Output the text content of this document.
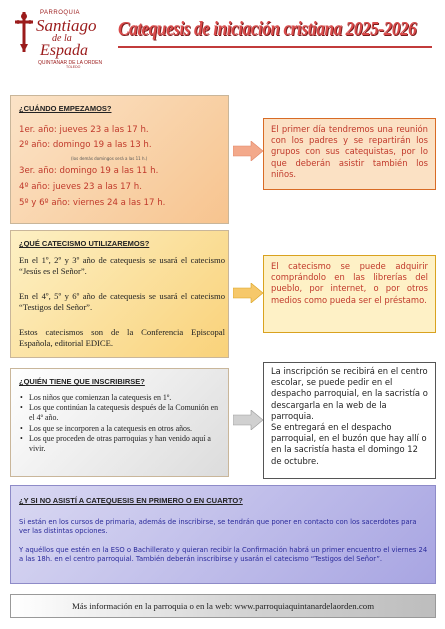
PARROQUIA
Santiago
de la
Espada
QUINTANAR DE LA ORDEN
TOLEDO
Catequesis de iniciación cristiana 2025-2026
¿CUÁNDO EMPEZAMOS?
1er. año: jueves 23 a las 17 h.
2º año: domingo 19 a las 13 h.
(los demás domingos será a las 11 h.)
3er. año: domingo 19 a las 11 h.
4º año: jueves 23 a las 17 h.
5º y 6º año: viernes 24 a las 17 h.
El primer día tendremos una reunión con los padres y se repartirán los grupos con sus catequistas, por lo que deberán asistir también los niños.
¿QUÉ CATECISMO UTILIZAREMOS?
En el 1º, 2º y 3º año de catequesis se usará el catecismo “Jesús es el Señor”.
En el 4º, 5º y 6º año de catequesis se usará el catecismo “Testigos del Señor”.
Estos catecismos son de la Conferencia Episcopal Española, editorial EDICE.
El catecismo se puede adquirir comprándolo en las librerías del pueblo, por internet, o por otros medios como pueda ser el préstamo.
¿QUIÉN TIENE QUE INSCRIBIRSE?
• Los niños que comienzan la catequesis en 1º.
• Los que continúan la catequesis después de la Comunión en el 4º año.
• Los que se incorporen a la catequesis en otros años.
• Los que proceden de otras parroquias y han venido aquí a vivir.
La inscripción se recibirá en el centro escolar, se puede pedir en el despacho parroquial, en la sacristía o descargarla en la web de la parroquia.
Se entregará en el despacho parroquial, en el buzón que hay allí o en la sacristía hasta el domingo 12 de octubre.
¿Y SI NO ASISTÍ A CATEQUESIS EN PRIMERO O EN CUARTO?
Si están en los cursos de primaria, además de inscribirse, se tendrán que poner en contacto con los sacerdotes para ver las distintas opciones.
Y aquéllos que estén en la ESO o Bachillerato y quieran recibir la Confirmación habrá un primer encuentro el viernes 24 a las 18h. en el centro parroquial. También deberán inscribirse y usarán el catecismo “Testigos del Señor”.
Más información en la parroquia o en la web: www.parroquiaquintanardelaorden.com
